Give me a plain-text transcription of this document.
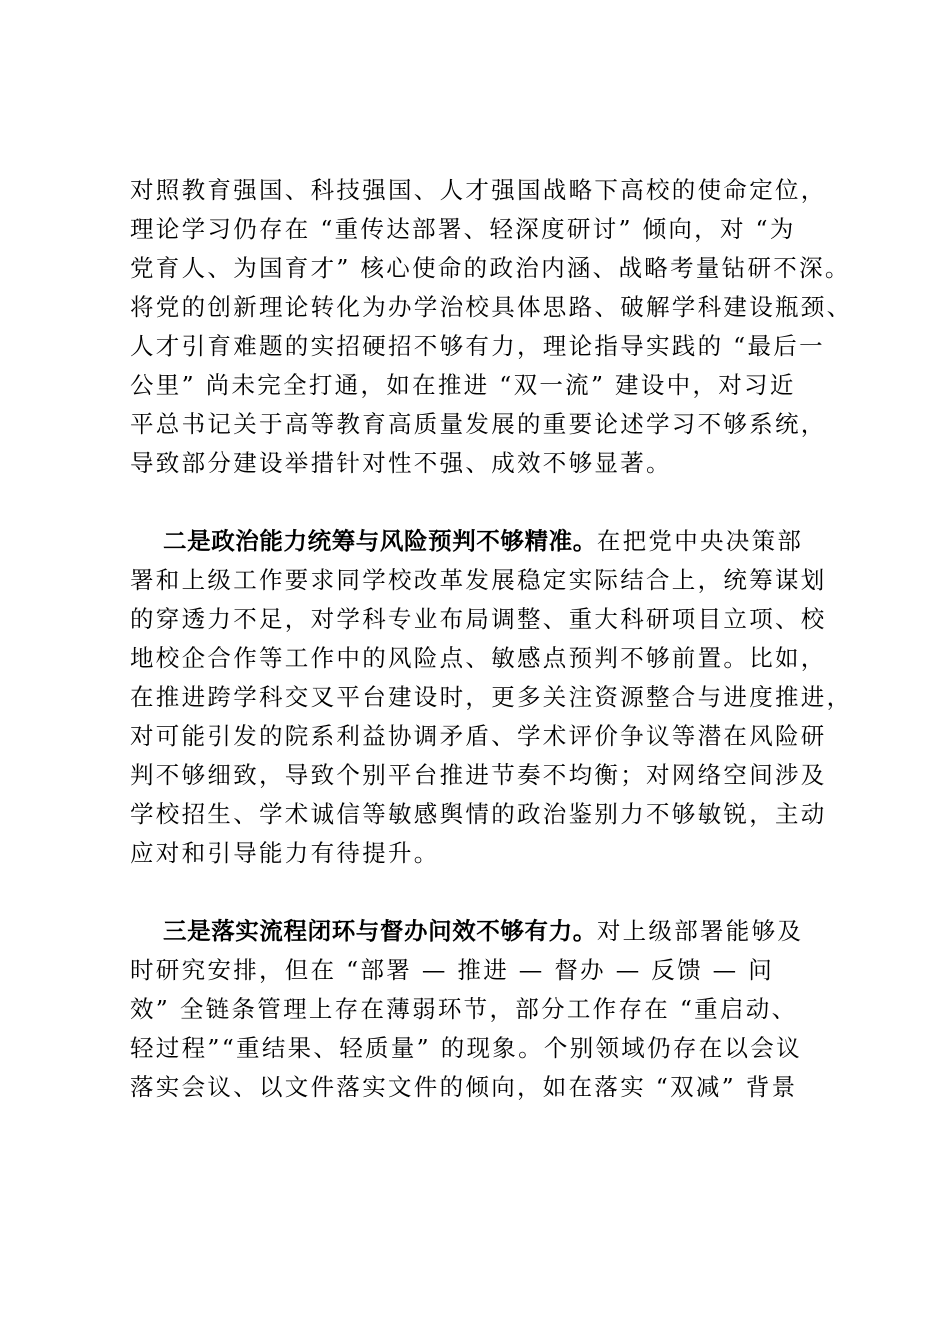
对照教育强国、科技强国、人才强国战略下高校的使命定位，
理论学习仍存在 “重传达部署、轻深度研讨” 倾向，对 “为
党育人、为国育才” 核心使命的政治内涵、战略考量钻研不深。
将党的创新理论转化为办学治校具体思路、破解学科建设瓶颈、
人才引育难题的实招硬招不够有力，理论指导实践的 “最后一
公里” 尚未完全打通，如在推进 “双一流” 建设中，对习近
平总书记关于高等教育高质量发展的重要论述学习不够系统，
导致部分建设举措针对性不强、成效不够显著。
二是政治能力统筹与风险预判不够精准。在把党中央决策部
署和上级工作要求同学校改革发展稳定实际结合上，统筹谋划
的穿透力不足，对学科专业布局调整、重大科研项目立项、校
地校企合作等工作中的风险点、敏感点预判不够前置。比如，
在推进跨学科交叉平台建设时，更多关注资源整合与进度推进，
对可能引发的院系利益协调矛盾、学术评价争议等潜在风险研
判不够细致，导致个别平台推进节奏不均衡；对网络空间涉及
学校招生、学术诚信等敏感舆情的政治鉴别力不够敏锐，主动
应对和引导能力有待提升。
三是落实流程闭环与督办问效不够有力。对上级部署能够及
时研究安排，但在 “部署 — 推进 — 督办 — 反馈 — 问
效” 全链条管理上存在薄弱环节，部分工作存在 “重启动、
轻过程”“重结果、轻质量” 的现象。个别领域仍存在以会议
落实会议、以文件落实文件的倾向，如在落实 “双减” 背景
